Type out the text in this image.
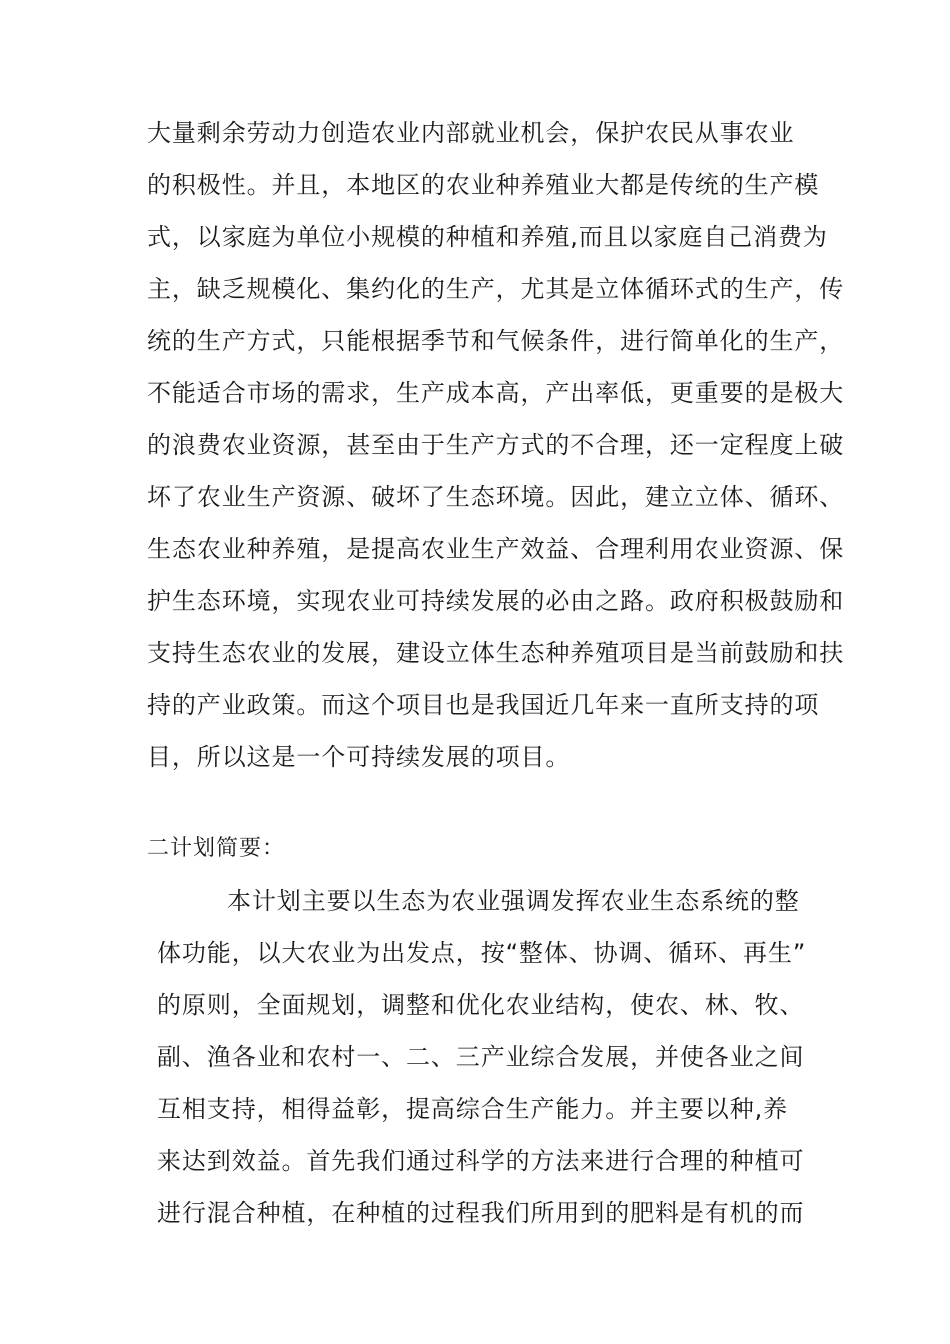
大量剩余劳动力创造农业内部就业机会，保护农民从事农业
的积极性。并且，本地区的农业种养殖业大都是传统的生产模
式，以家庭为单位小规模的种植和养殖,而且以家庭自己消费为
主，缺乏规模化、集约化的生产，尤其是立体循环式的生产，传
统的生产方式，只能根据季节和气候条件，进行简单化的生产，
不能适合市场的需求，生产成本高，产出率低，更重要的是极大
的浪费农业资源，甚至由于生产方式的不合理，还一定程度上破
坏了农业生产资源、破坏了生态环境。因此，建立立体、循环、
生态农业种养殖，是提高农业生产效益、合理利用农业资源、保
护生态环境，实现农业可持续发展的必由之路。政府积极鼓励和
支持生态农业的发展，建设立体生态种养殖项目是当前鼓励和扶
持的产业政策。而这个项目也是我国近几年来一直所支持的项
目，所以这是一个可持续发展的项目。
二计划简要：
本计划主要以生态为农业强调发挥农业生态系统的整
体功能，以大农业为出发点，按“整体、协调、循环、再生”
的原则，全面规划，调整和优化农业结构，使农、林、牧、
副、渔各业和农村一、二、三产业综合发展，并使各业之间
互相支持，相得益彰，提高综合生产能力。并主要以种,养
来达到效益。首先我们通过科学的方法来进行合理的种植可
进行混合种植，在种植的过程我们所用到的肥料是有机的而
